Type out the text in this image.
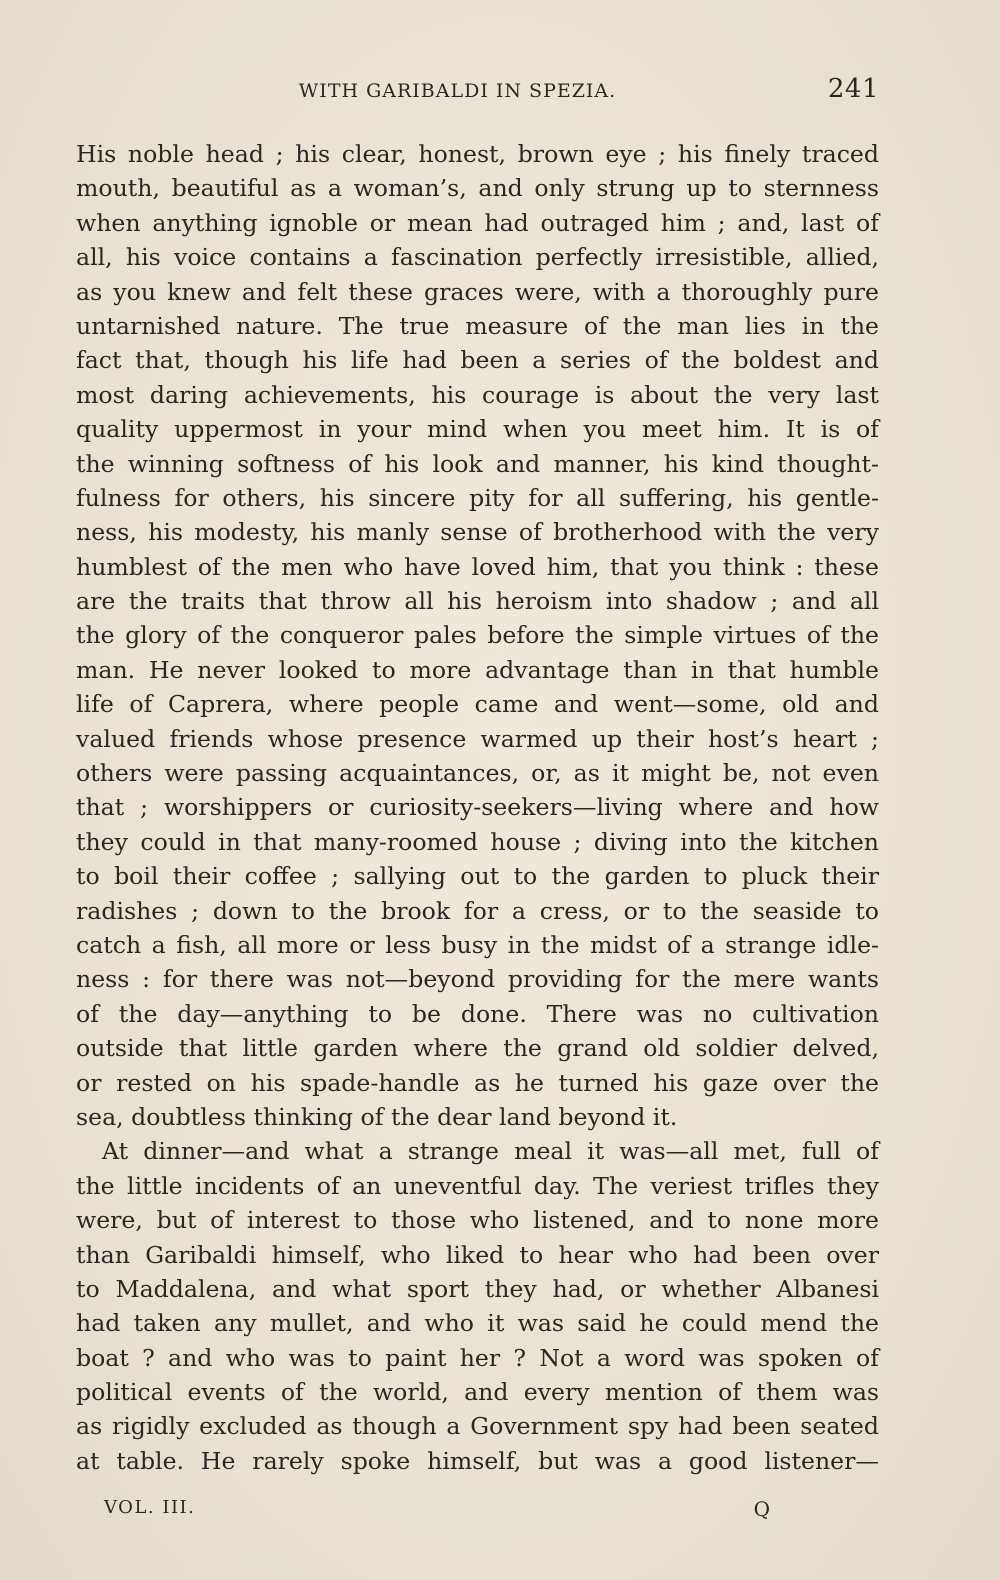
WITH GARIBALDI IN SPEZIA.	241
His noble head ; his clear, honest, brown eye ; his finely traced
mouth, beautiful as a woman’s, and only strung up to sternness
when anything ignoble or mean had outraged him ; and, last of
all, his voice contains a fascination perfectly irresistible, allied,
as you knew and felt these graces were, with a thoroughly pure
untarnished nature. The true measure of the man lies in the
fact that, though his life had been a series of the boldest and
most daring achievements, his courage is about the very last
quality uppermost in your mind when you meet him. It is of
the winning softness of his look and manner, his kind thought-
fulness for others, his sincere pity for all suffering, his gentle-
ness, his modesty, his manly sense of brotherhood with the very
humblest of the men who have loved him, that you think : these
are the traits that throw all his heroism into shadow ; and all
the glory of the conqueror pales before the simple virtues of the
man. He never looked to more advantage than in that humble
life of Caprera, where people came and went—some, old and
valued friends whose presence warmed up their host’s heart ;
others were passing acquaintances, or, as it might be, not even
that ; worshippers or curiosity-seekers—living where and how
they could in that many-roomed house ; diving into the kitchen
to boil their coffee ; sallying out to the garden to pluck their
radishes ; down to the brook for a cress, or to the seaside to
catch a fish, all more or less busy in the midst of a strange idle-
ness : for there was not—beyond providing for the mere wants
of the day—anything to be done. There was no cultivation
outside that little garden where the grand old soldier delved,
or rested on his spade-handle as he turned his gaze over the
sea, doubtless thinking of the dear land beyond it.
At dinner—and what a strange meal it was—all met, full of
the little incidents of an uneventful day. The veriest trifles they
were, but of interest to those who listened, and to none more
than Garibaldi himself, who liked to hear who had been over
to Maddalena, and what sport they had, or whether Albanesi
had taken any mullet, and who it was said he could mend the
boat ? and who was to paint her ? Not a word was spoken of
political events of the world, and every mention of them was
as rigidly excluded as though a Government spy had been seated
at table. He rarely spoke himself, but was a good listener—
VOL. III.	Q
